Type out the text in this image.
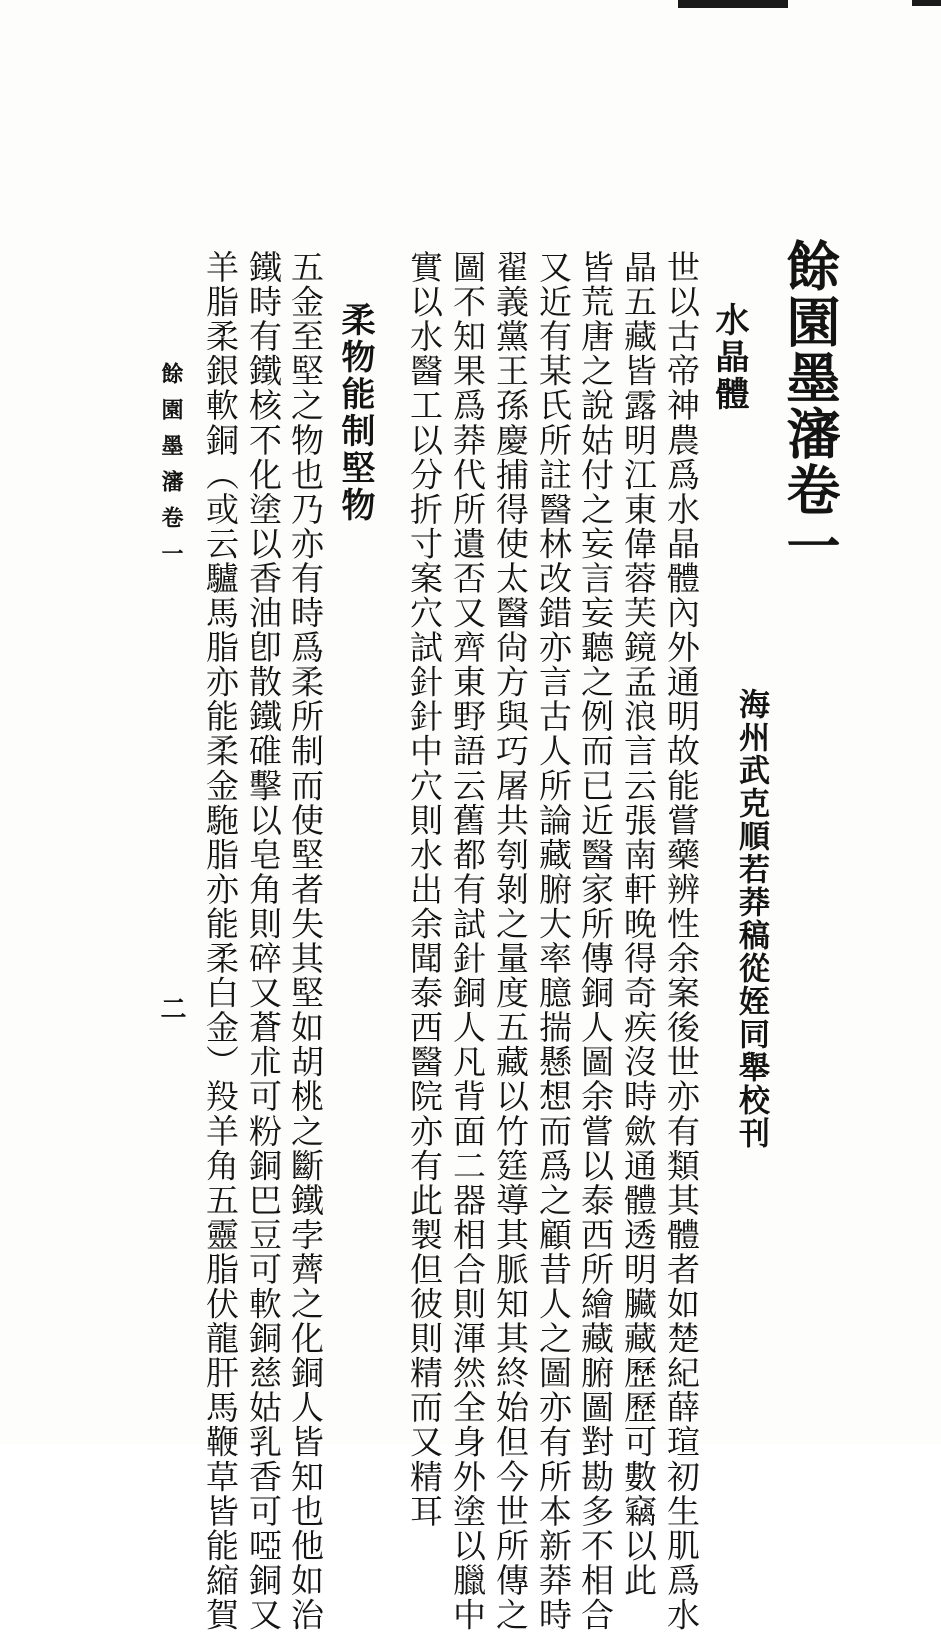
餘園墨瀋卷一

海州武克順若莽稿從姪同舉校刊

水晶體

世以古帝神農爲水晶體內外通明故能嘗藥辨性余案後世亦有類其體者如楚紀薛瑄初生肌爲水

晶五藏皆露明江東偉蓉芙鏡孟浪言云張南軒晚得奇疾沒時歛通體透明臟藏歷歷可數竊以此

皆荒唐之說姑付之妄言妄聽之例而已近醫家所傳銅人圖余嘗以泰西所繪藏腑圖對勘多不相合

又近有某氏所註醫林改錯亦言古人所論藏腑大率臆揣懸想而爲之顧昔人之圖亦有所本新莽時

翟義黨王孫慶捕得使太醫尙方與巧屠共刳剝之量度五藏以竹筳導其脈知其終始但今世所傳之

圖不知果爲莽代所遺否又齊東野語云舊都有試針銅人凡背面二器相合則渾然全身外塗以臘中

實以水醫工以分折寸案穴試針針中穴則水出余聞泰西醫院亦有此製但彼則精而又精耳

柔物能制堅物

五金至堅之物也乃亦有時爲柔所制而使堅者失其堅如胡桃之斷鐵孛薺之化銅人皆知也他如治

鐵時有鐵核不化塗以香油卽散鐵碓擊以皂角則碎又蒼朮可粉銅巴豆可軟銅慈姑乳香可啞銅又

羊脂柔銀軟銅（或云驢馬脂亦能柔金駞脂亦能柔白金）羖羊角五靈脂伏龍肝馬鞭草皆能縮賀

餘園墨瀋卷一

二
